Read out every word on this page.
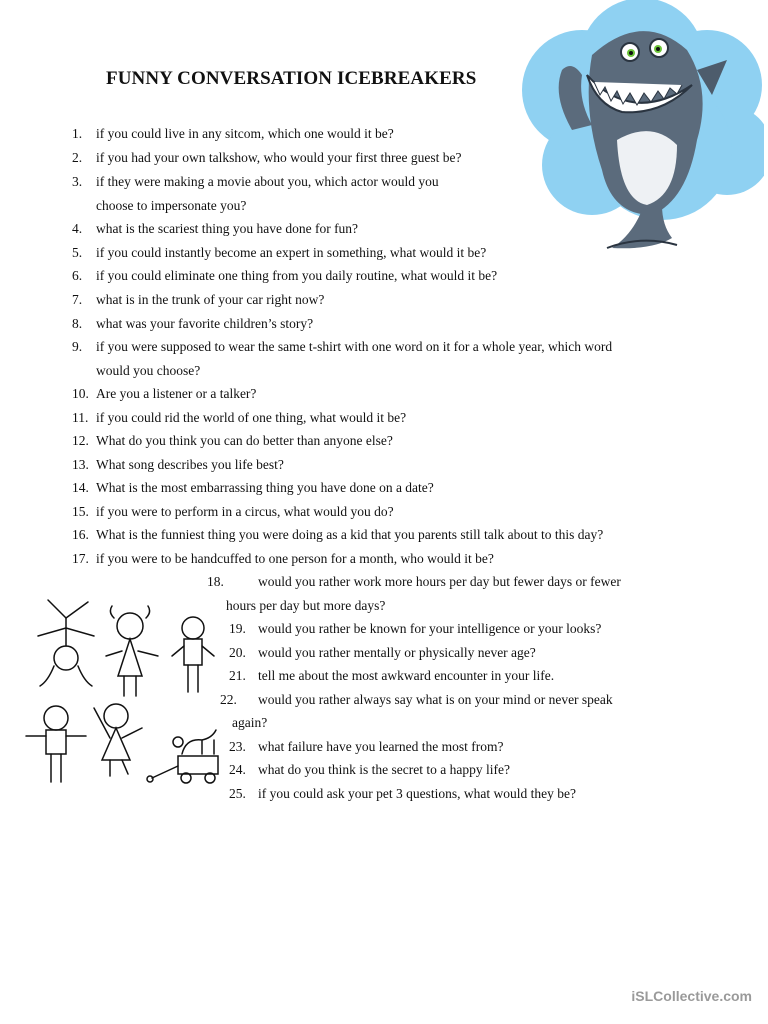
FUNNY CONVERSATION ICEBREAKERS
1. if you could live in any sitcom, which one would it be?
2. if you had your own talkshow, who would your first three guest be?
3. if they were making a movie about you, which actor would you
choose to impersonate you?
4. what is the scariest thing you have done for fun?
5. if you could instantly become an expert in something, what would it be?
6. if you could eliminate one thing from you daily routine, what would it be?
7. what is in the trunk of your car right now?
8. what was your favorite children’s story?
9. if you were supposed to wear the same t-shirt with one word on it for a whole year, which word
would you choose?
10. Are you a listener or a talker?
11. if you could rid the world of one thing, what would it be?
12. What do you think you can do better than anyone else?
13. What song describes you life best?
14. What is the most embarrassing thing you have done on a date?
15. if you were to perform in a circus, what would you do?
16. What is the funniest thing you were doing as a kid that you parents still talk about to this day?
17. if you were to be handcuffed to one person for a month, who would it be?
18.	would you rather work more hours per day but fewer days or fewer
hours per day but more days?
19. would you rather be known for your intelligence or your looks?
20. would you rather mentally or physically never age?
21. tell me about the most awkward encounter in your life.
22. would you rather always say what is on your mind or never speak
again?
23. what failure have you learned the most from?
24. what do you think is the secret to a happy life?
25. if you could ask your pet 3 questions, what would they be?
iSLCollective.com
